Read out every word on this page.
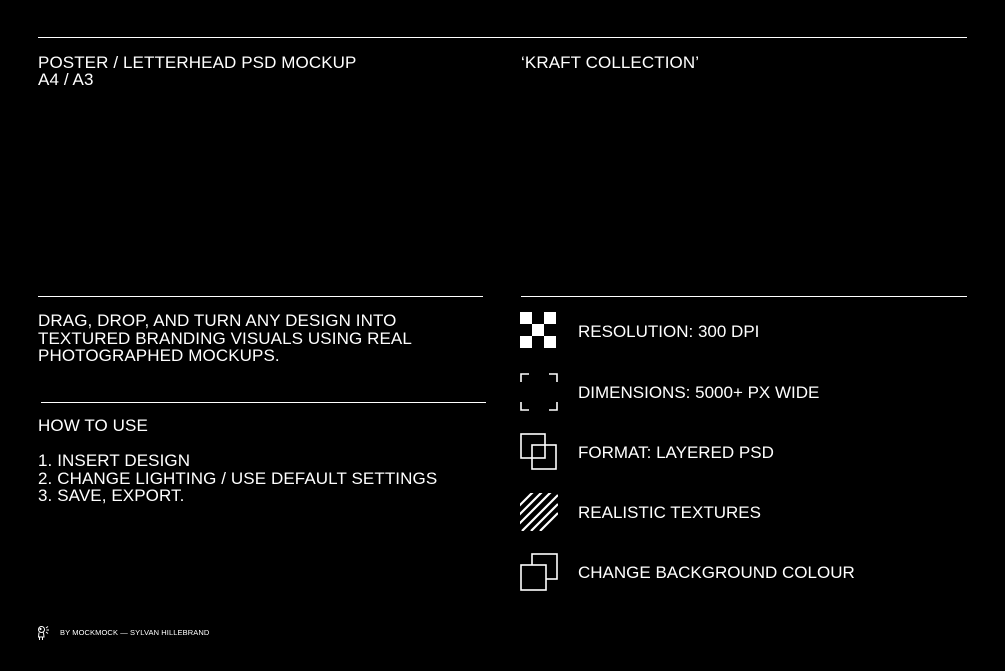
POSTER / LETTERHEAD PSD MOCKUP
A4 / A3
‘KRAFT COLLECTION’
DRAG, DROP, AND TURN ANY DESIGN INTO
TEXTURED BRANDING VISUALS USING REAL
PHOTOGRAPHED MOCKUPS.
HOW TO USE
1. INSERT DESIGN
2. CHANGE LIGHTING / USE DEFAULT SETTINGS
3. SAVE, EXPORT.
RESOLUTION: 300 DPI
DIMENSIONS: 5000+ PX WIDE
FORMAT: LAYERED PSD
REALISTIC TEXTURES
CHANGE BACKGROUND COLOUR
BY MOCKMOCK — SYLVAN HILLEBRAND
